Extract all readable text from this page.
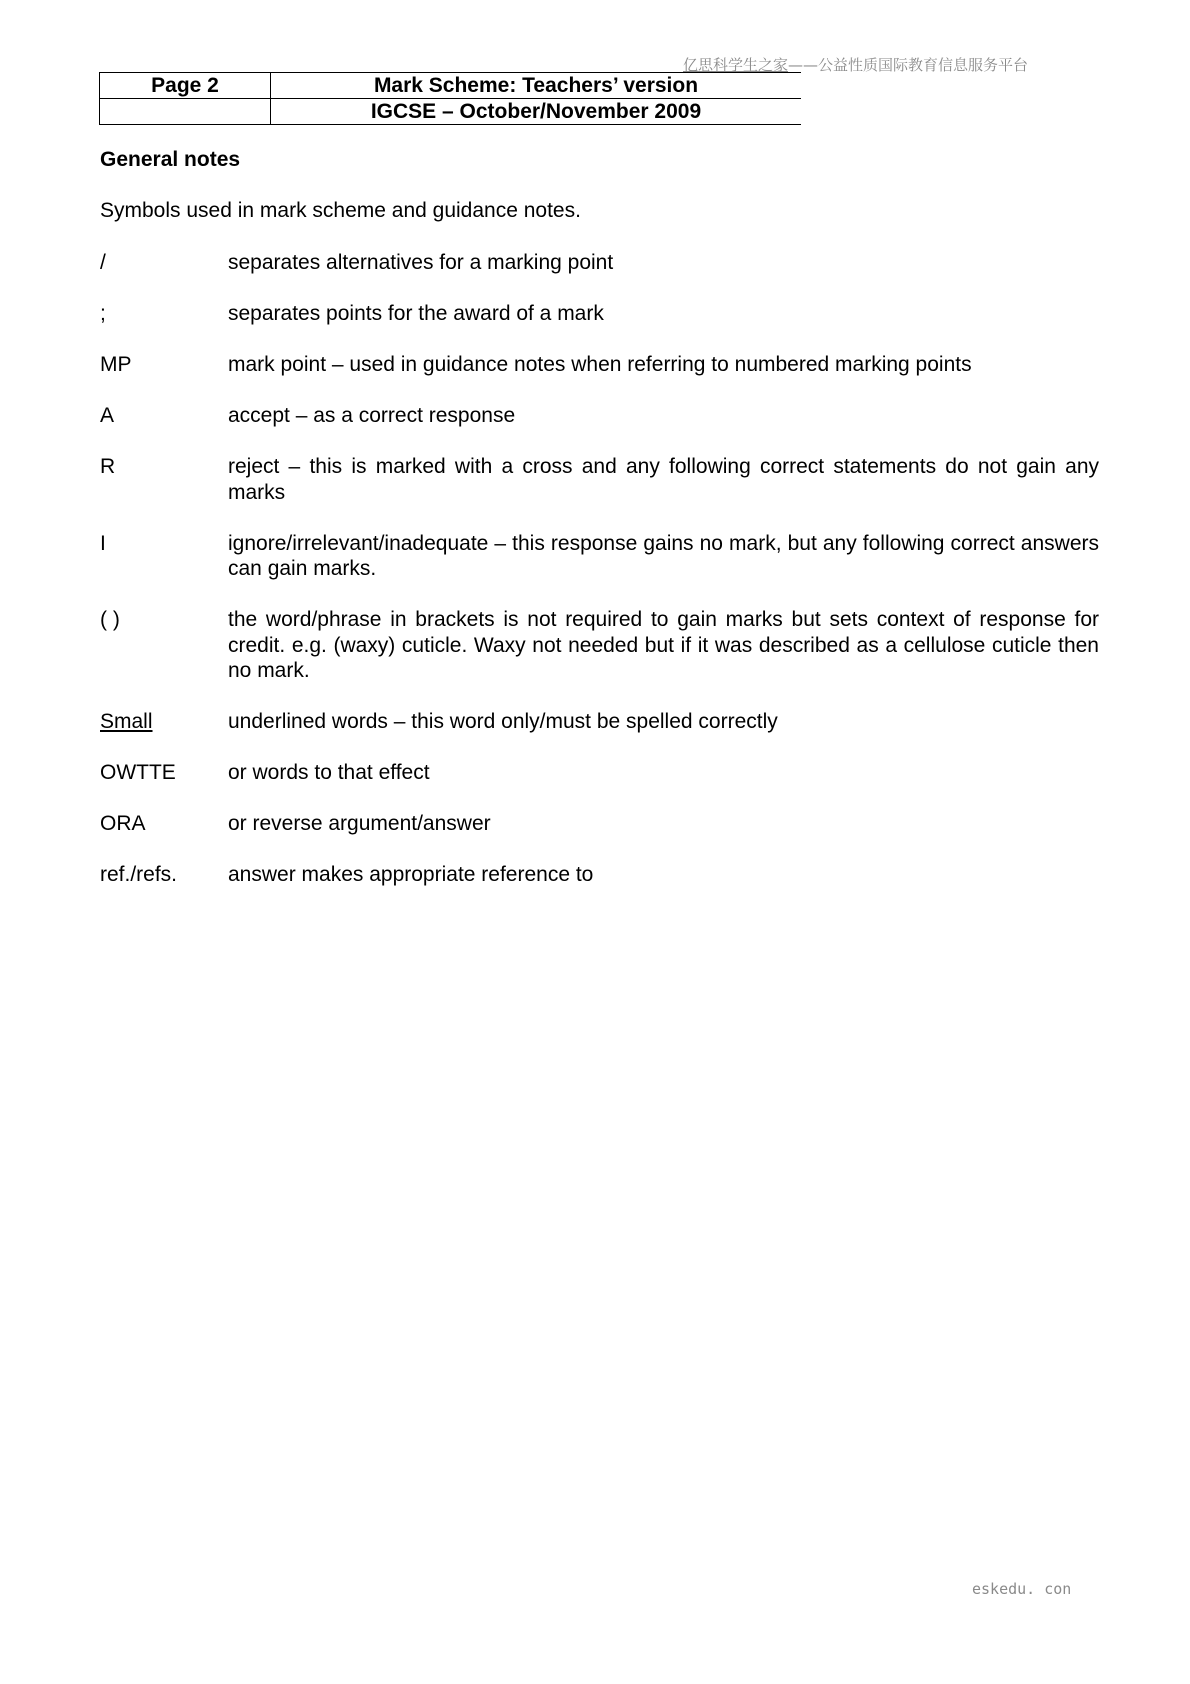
亿思科学生之家——公益性质国际教育信息服务平台
Page 2	Mark Scheme: Teachers’ version
	IGCSE – October/November 2009
General notes
Symbols used in mark scheme and guidance notes.
/	separates alternatives for a marking point
;	separates points for the award of a mark
MP	mark point – used in guidance notes when referring to numbered marking points
A	accept – as a correct response
R	reject – this is marked with a cross and any following correct statements do not gain any marks
I	ignore/irrelevant/inadequate – this response gains no mark, but any following correct answers can gain marks.
( )	the word/phrase in brackets is not required to gain marks but sets context of response for credit. e.g. (waxy) cuticle. Waxy not needed but if it was described as a cellulose cuticle then no mark.
Small	underlined words – this word only/must be spelled correctly
OWTTE	or words to that effect
ORA	or reverse argument/answer
ref./refs.	answer makes appropriate reference to
eskedu. con
